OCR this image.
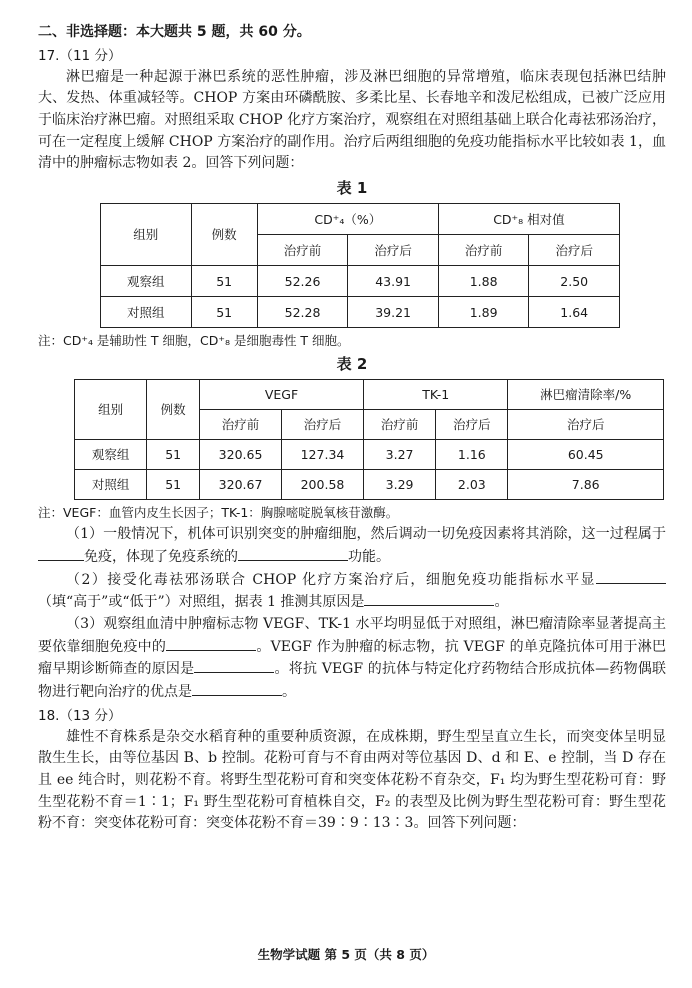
二、非选择题：本大题共 5 题，共 60 分。

17.（11 分）

淋巴瘤是一种起源于淋巴系统的恶性肿瘤，涉及淋巴细胞的异常增殖，临床表现包括淋巴结肿大、发热、体重减轻等。CHOP 方案由环磷酰胺、多柔比星、长春地辛和泼尼松组成，已被广泛应用于临床治疗淋巴瘤。对照组采取 CHOP 化疗方案治疗，观察组在对照组基础上联合化毒祛邪汤治疗，可在一定程度上缓解 CHOP 方案治疗的副作用。治疗后两组细胞的免疫功能指标水平比较如表 1，血清中的肿瘤标志物如表 2。回答下列问题：

表 1
组别	例数	CD⁺₄（%）		CD⁺₈ 相对值	
		治疗前	治疗后	治疗前	治疗后
观察组	51	52.26	43.91	1.88	2.50
对照组	51	52.28	39.21	1.89	1.64

注：CD⁺₄ 是辅助性 T 细胞，CD⁺₈ 是细胞毒性 T 细胞。

表 2
组别	例数	VEGF		TK-1		淋巴瘤清除率/%
		治疗前	治疗后	治疗前	治疗后	治疗后
观察组	51	320.65	127.34	3.27	1.16	60.45
对照组	51	320.67	200.58	3.29	2.03	7.86

注：VEGF：血管内皮生长因子；TK-1：胸腺嘧啶脱氧核苷激酶。

（1）一般情况下，机体可识别突变的肿瘤细胞，然后调动一切免疫因素将其消除，这一过程属于免疫，体现了免疫系统的	功能。

（2）接受化毒祛邪汤联合 CHOP 化疗方案治疗后，细胞免疫功能指标水平显（填“高于”或“低于”）对照组，据表 1 推测其原因是	。

（3）观察组血清中肿瘤标志物 VEGF、TK-1 水平均明显低于对照组，淋巴瘤清除率显著提高主要依靠细胞免疫中的	。VEGF 作为肿瘤的标志物，抗 VEGF 的单克隆抗体可用于淋巴瘤早期诊断筛查的原因是	。将抗 VEGF 的抗体与特定化疗药物结合形成抗体—药物偶联物进行靶向治疗的优点是	。

18.（13 分）

雄性不育株系是杂交水稻育种的重要种质资源，在成株期，野生型呈直立生长，而突变体呈明显散生生长，由等位基因 B、b 控制。花粉可育与不育由两对等位基因 D、d 和 E、e 控制，当 D 存在且 ee 纯合时，则花粉不育。将野生型花粉可育和突变体花粉不育杂交，F₁ 均为野生型花粉可育：野生型花粉不育＝1∶1；F₁ 野生型花粉可育植株自交，F₂ 的表型及比例为野生型花粉可育：野生型花粉不育：突变体花粉可育：突变体花粉不育＝39∶9∶13∶3。回答下列问题：

生物学试题 第 5 页（共 8 页）
